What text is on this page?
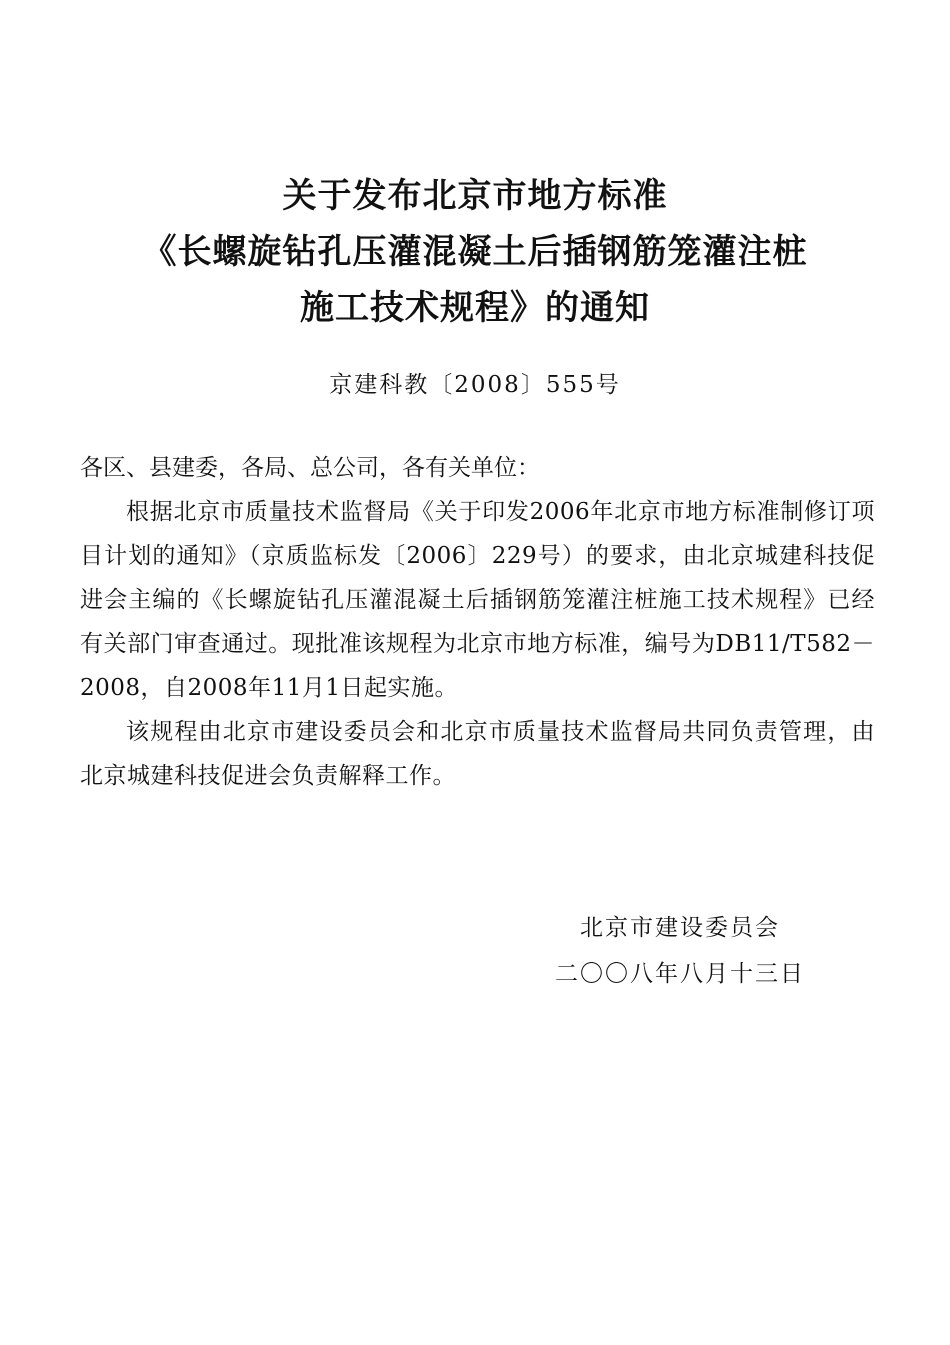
关于发布北京市地方标准
《长螺旋钻孔压灌混凝土后插钢筋笼灌注桩
施工技术规程》的通知
京建科教〔2008〕555号

各区、县建委，各局、总公司，各有关单位：

根据北京市质量技术监督局《关于印发2006年北京市地方标准制修订项目计划的通知》（京质监标发〔2006〕229号）的要求，由北京城建科技促进会主编的《长螺旋钻孔压灌混凝土后插钢筋笼灌注桩施工技术规程》已经有关部门审查通过。现批准该规程为北京市地方标准，编号为DB11/T582－2008，自2008年11月1日起实施。

该规程由北京市建设委员会和北京市质量技术监督局共同负责管理，由北京城建科技促进会负责解释工作。

北京市建设委员会
二〇〇八年八月十三日
